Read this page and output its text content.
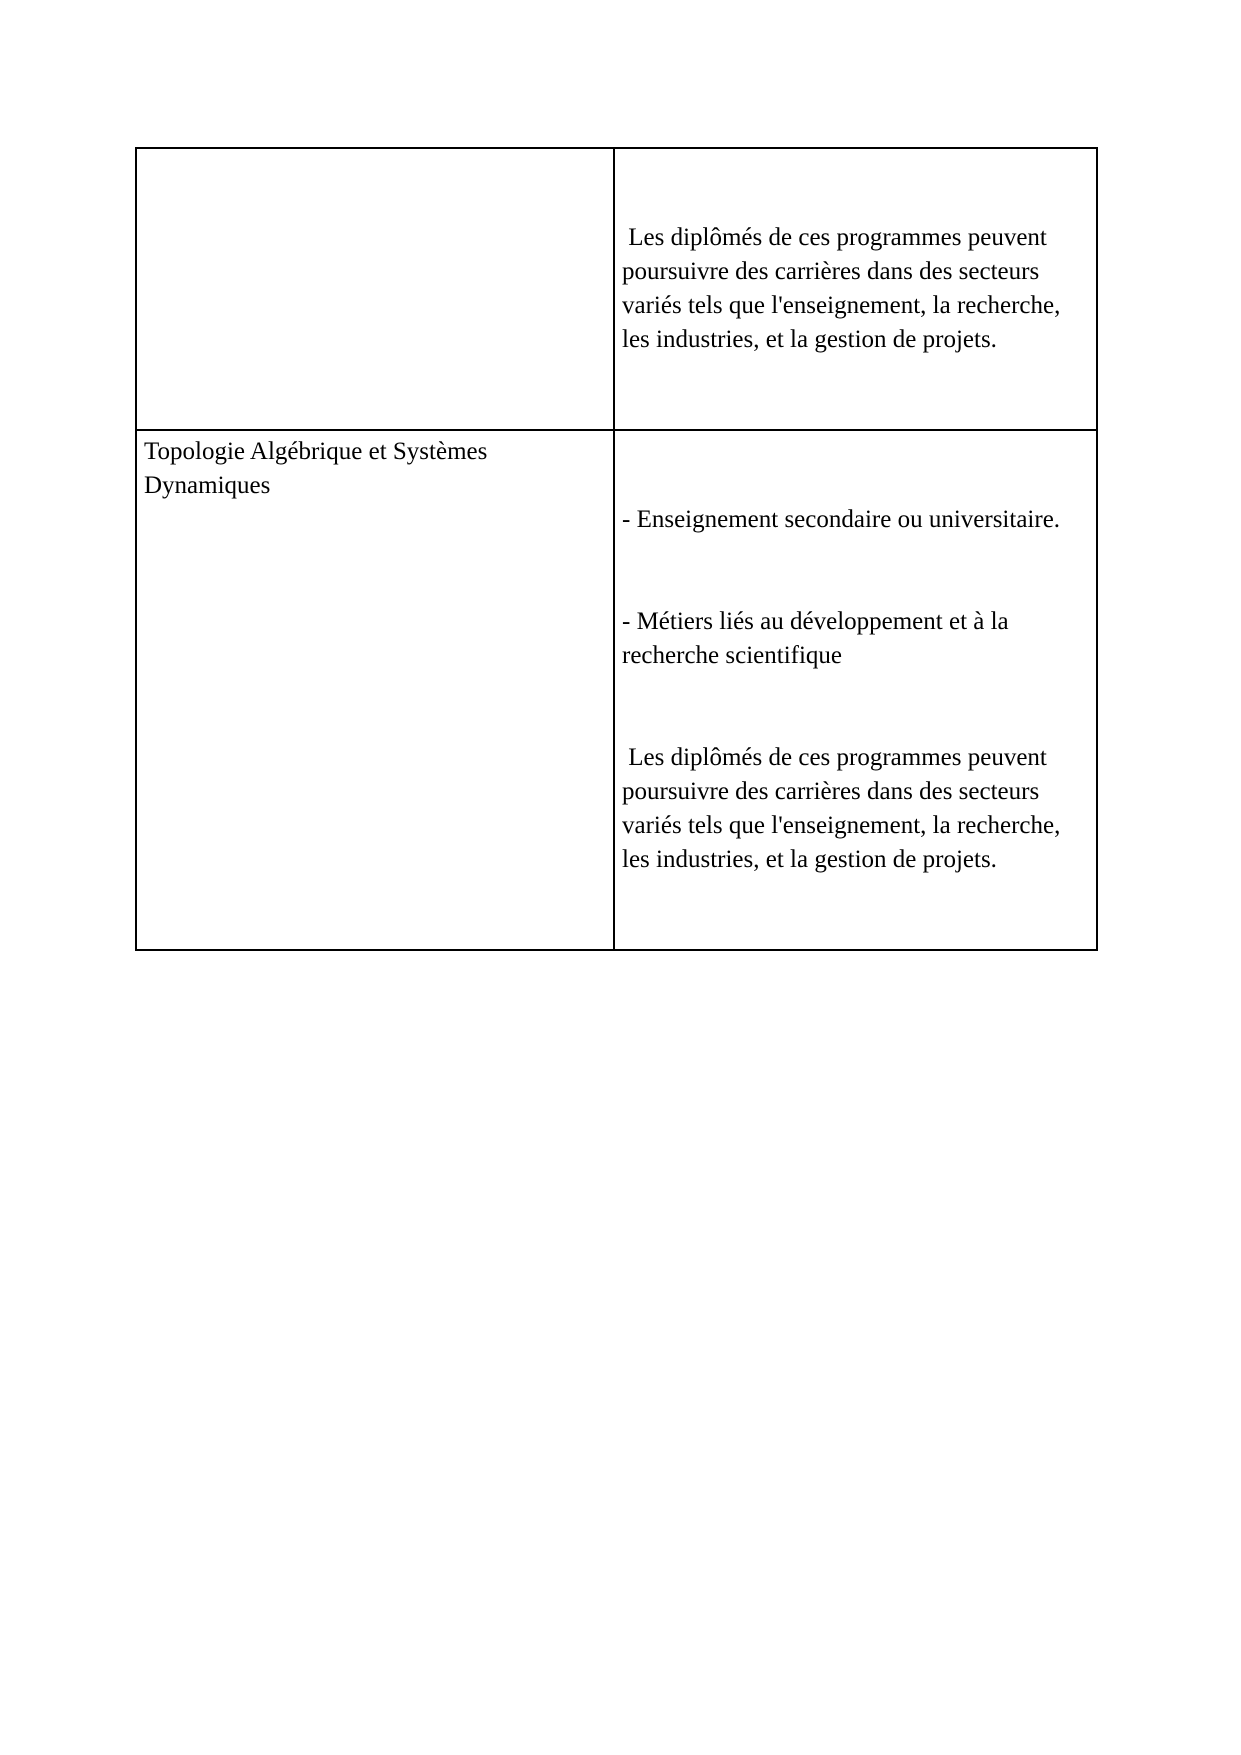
	Les diplômés de ces programmes peuvent poursuivre des carrières dans des secteurs variés tels que l'enseignement, la recherche, les industries, et la gestion de projets.

Topologie Algébrique et Systèmes Dynamiques	- Enseignement secondaire ou universitaire.

- Métiers liés au développement et à la recherche scientifique

Les diplômés de ces programmes peuvent poursuivre des carrières dans des secteurs variés tels que l'enseignement, la recherche, les industries, et la gestion de projets.
